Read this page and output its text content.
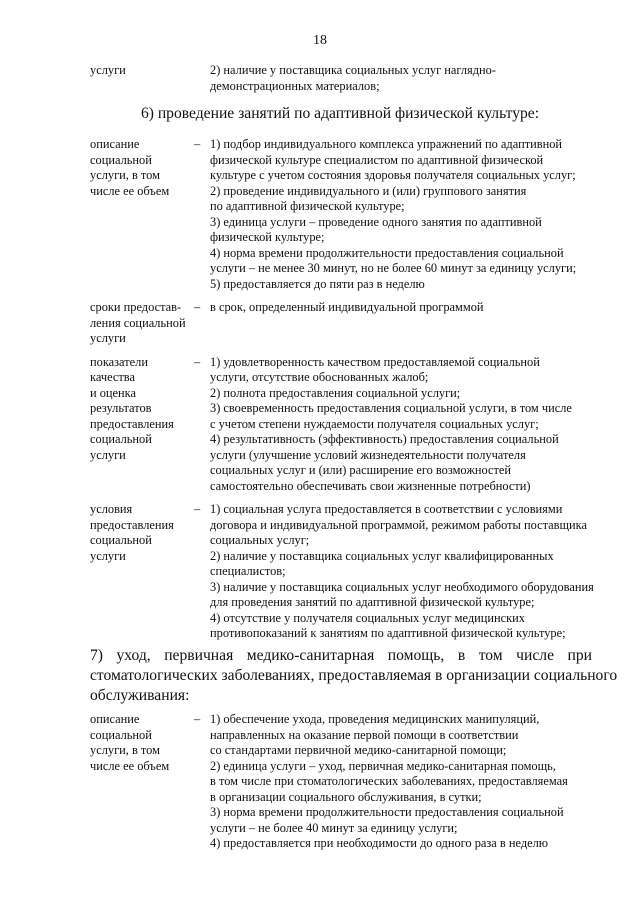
18
услуги	2) наличие у поставщика социальных услуг наглядно-
демонстрационных материалов;
6) проведение занятий по адаптивной физической культуре:
описание
социальной
услуги, в том
числе ее объем
– 1) подбор индивидуального комплекса упражнений по адаптивной
физической культуре специалистом по адаптивной физической
культуре с учетом состояния здоровья получателя социальных услуг;
2) проведение индивидуального и (или) группового занятия
по адаптивной физической культуре;
3) единица услуги – проведение одного занятия по адаптивной
физической культуре;
4) норма времени продолжительности предоставления социальной
услуги – не менее 30 минут, но не более 60 минут за единицу услуги;
5) предоставляется до пяти раз в неделю
сроки предостав-
ления социальной
услуги
– в срок, определенный индивидуальной программой
показатели
качества
и оценка
результатов
предоставления
социальной
услуги
– 1) удовлетворенность качеством предоставляемой социальной
услуги, отсутствие обоснованных жалоб;
2) полнота предоставления социальной услуги;
3) своевременность предоставления социальной услуги, в том числе
с учетом степени нуждаемости получателя социальных услуг;
4) результативность (эффективность) предоставления социальной
услуги (улучшение условий жизнедеятельности получателя
социальных услуг и (или) расширение его возможностей
самостоятельно обеспечивать свои жизненные потребности)
условия
предоставления
социальной
услуги
– 1) социальная услуга предоставляется в соответствии с условиями
договора и индивидуальной программой, режимом работы поставщика
социальных услуг;
2) наличие у поставщика социальных услуг квалифицированных
специалистов;
3) наличие у поставщика социальных услуг необходимого оборудования
для проведения занятий по адаптивной физической культуре;
4) отсутствие у получателя социальных услуг медицинских
противопоказаний к занятиям по адаптивной физической культуре;
7) уход, первичная медико-санитарная помощь, в том числе при
стоматологических заболеваниях, предоставляемая в организации социального
обслуживания:
описание
социальной
услуги, в том
числе ее объем
– 1) обеспечение ухода, проведения медицинских манипуляций,
направленных на оказание первой помощи в соответствии
со стандартами первичной медико-санитарной помощи;
2) единица услуги – уход, первичная медико-санитарная помощь,
в том числе при стоматологических заболеваниях, предоставляемая
в организации социального обслуживания, в сутки;
3) норма времени продолжительности предоставления социальной
услуги – не более 40 минут за единицу услуги;
4) предоставляется при необходимости до одного раза в неделю
